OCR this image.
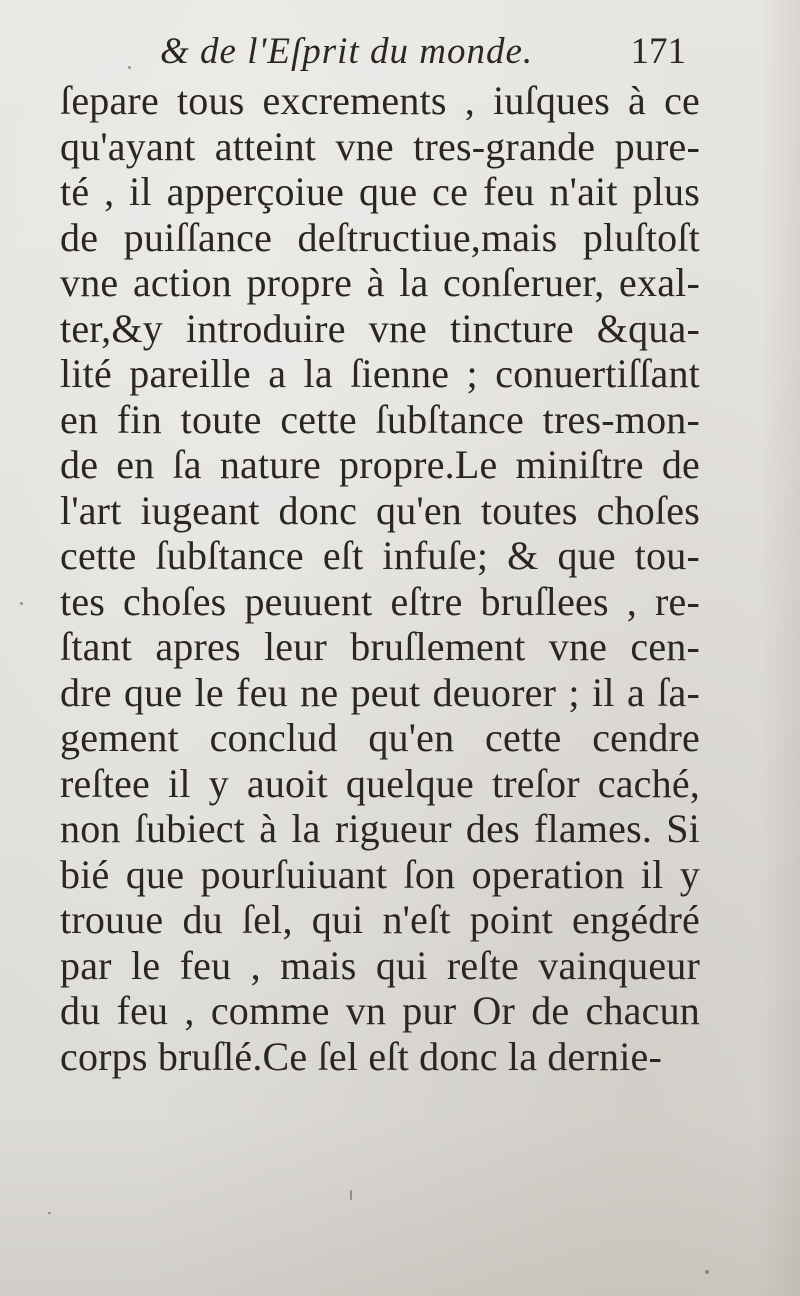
& de l'Eſprit du monde.	171
ſepare tous excrements , iuſques à ce
qu'ayant atteint vne tres-grande pure-
té , il apperçoiue que ce feu n'ait plus
de puiſſance deſtructiue,mais pluſtoſt
vne action propre à la conſeruer, exal-
ter,&y introduire vne tincture &qua-
lité pareille a la ſienne ; conuertiſſant
en fin toute cette ſubſtance tres-mon-
de en ſa nature propre.Le miniſtre de
l'art iugeant donc qu'en toutes choſes
cette ſubſtance eſt infuſe; & que tou-
tes choſes peuuent eſtre bruſlees , re-
ſtant apres leur bruſlement vne cen-
dre que le feu ne peut deuorer ; il a ſa-
gement conclud qu'en cette cendre
reſtee il y auoit quelque treſor caché,
non ſubiect à la rigueur des flames. Si
bié que pourſuiuant ſon operation il y
trouue du ſel, qui n'eſt point engédré
par le feu , mais qui reſte vainqueur
du feu , comme vn pur Or de chacun
corps bruſlé.Ce ſel eſt donc la dernie-
